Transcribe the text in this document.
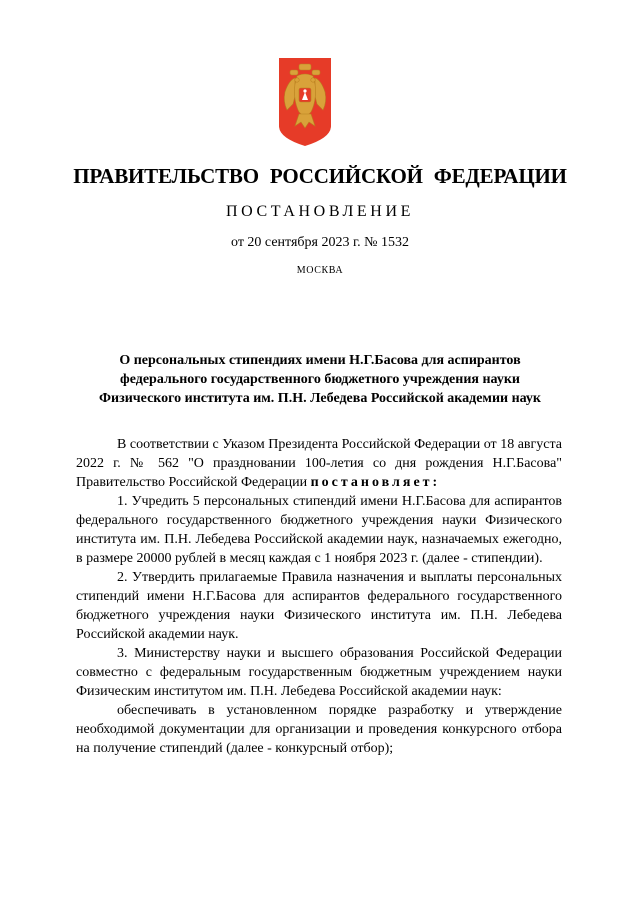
ПРАВИТЕЛЬСТВО РОССИЙСКОЙ ФЕДЕРАЦИИ
ПОСТАНОВЛЕНИЕ
от 20 сентября 2023 г. № 1532
МОСКВА
О персональных стипендиях имени Н.Г.Басова для аспирантов федерального государственного бюджетного учреждения науки Физического института им. П.Н. Лебедева Российской академии наук

В соответствии с Указом Президента Российской Федерации от 18 августа 2022 г. № 562 "О праздновании 100-летия со дня рождения Н.Г.Басова" Правительство Российской Федерации постановляет:

1. Учредить 5 персональных стипендий имени Н.Г.Басова для аспирантов федерального государственного бюджетного учреждения науки Физического института им. П.Н. Лебедева Российской академии наук, назначаемых ежегодно, в размере 20000 рублей в месяц каждая с 1 ноября 2023 г. (далее - стипендии).

2. Утвердить прилагаемые Правила назначения и выплаты персональных стипендий имени Н.Г.Басова для аспирантов федерального государственного бюджетного учреждения науки Физического института им. П.Н. Лебедева Российской академии наук.

3. Министерству науки и высшего образования Российской Федерации совместно с федеральным государственным бюджетным учреждением науки Физическим институтом им. П.Н. Лебедева Российской академии наук:

обеспечивать в установленном порядке разработку и утверждение необходимой документации для организации и проведения конкурсного отбора на получение стипендий (далее - конкурсный отбор);
